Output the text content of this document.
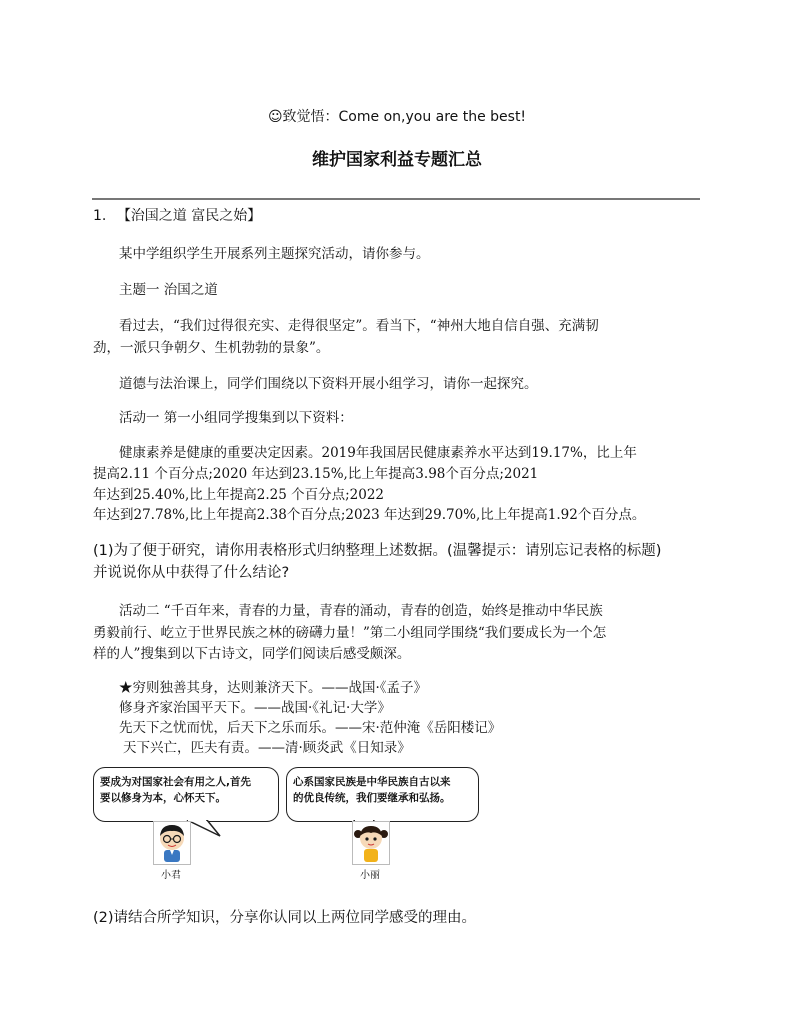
☺致觉悟：Come on,you are the best!
维护国家利益专题汇总
1. 【治国之道 富民之始】
某中学组织学生开展系列主题探究活动，请你参与。
主题一 治国之道
看过去，“我们过得很充实、走得很坚定”。看当下，“神州大地自信自强、充满韧
劲，一派只争朝夕、生机勃勃的景象”。
道德与法治课上，同学们围绕以下资料开展小组学习，请你一起探究。
活动一 第一小组同学搜集到以下资料：
健康素养是健康的重要决定因素。2019年我国居民健康素养水平达到19.17%，比上年
提高2.11 个百分点;2020 年达到23.15%,比上年提高3.98个百分点;2021
年达到25.40%,比上年提高2.25 个百分点;2022
年达到27.78%,比上年提高2.38个百分点;2023 年达到29.70%,比上年提高1.92个百分点。
(1)为了便于研究，请你用表格形式归纳整理上述数据。(温馨提示：请别忘记表格的标题)
并说说你从中获得了什么结论?
活动二 “千百年来，青春的力量，青春的涌动，青春的创造，始终是推动中华民族
勇毅前行、屹立于世界民族之林的磅礴力量！”第二小组同学围绕“我们要成长为一个怎
样的人”搜集到以下古诗文，同学们阅读后感受颇深。
★穷则独善其身，达则兼济天下。——战国·《孟子》
修身齐家治国平天下。——战国·《礼记·大学》
先天下之忧而忧，后天下之乐而乐。——宋·范仲淹《岳阳楼记》
天下兴亡，匹夫有责。——清·顾炎武《日知录》
要成为对国家社会有用之人,首先
要以修身为本，心怀天下。
心系国家民族是中华民族自古以来
的优良传统，我们要继承和弘扬。
小君	小丽
(2)请结合所学知识，分享你认同以上两位同学感受的理由。
